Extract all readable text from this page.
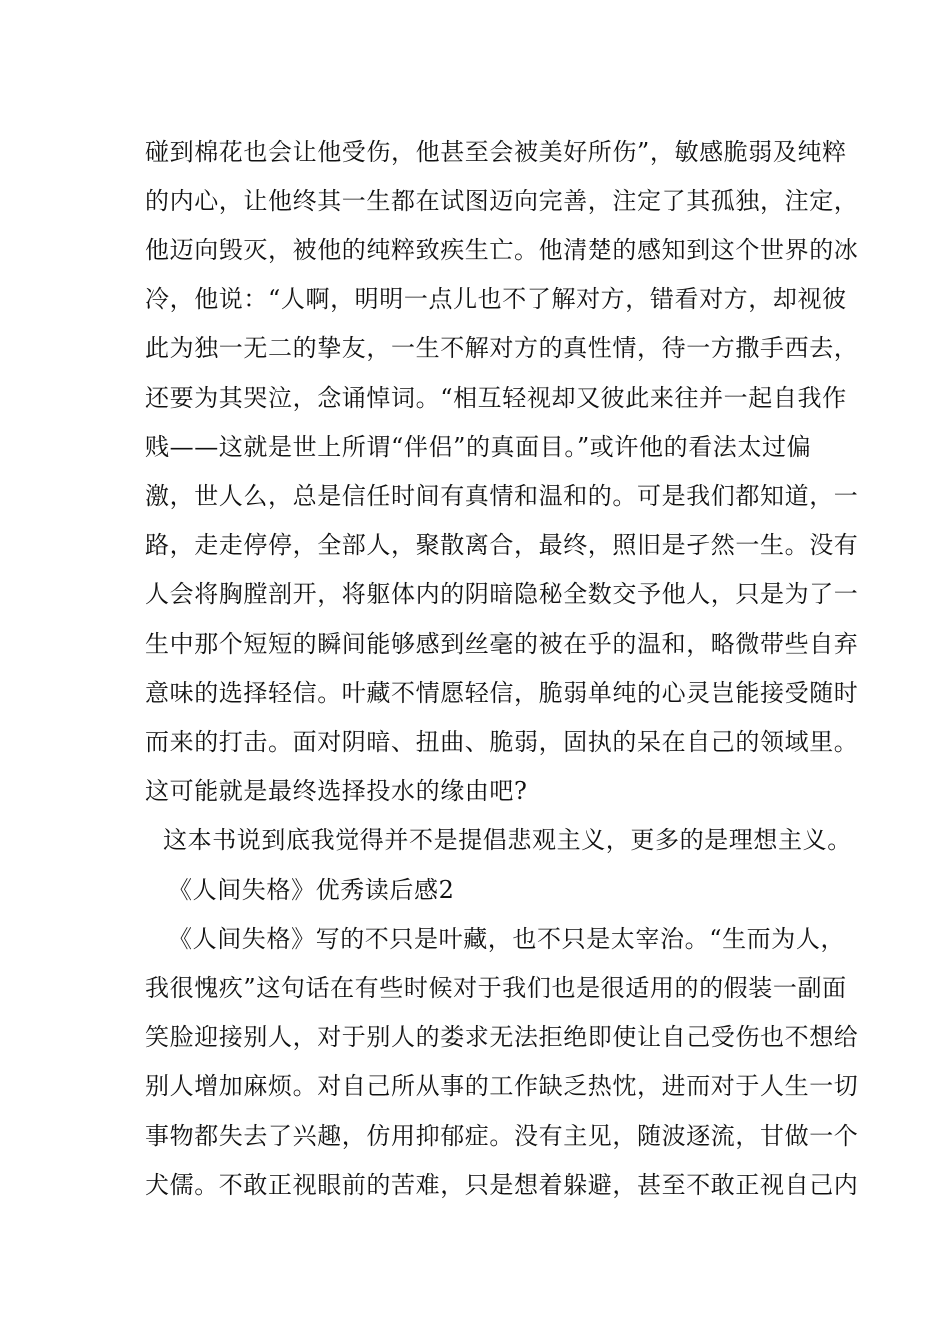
碰到棉花也会让他受伤，他甚至会被美好所伤”，敏感脆弱及纯粹
的内心，让他终其一生都在试图迈向完善，注定了其孤独，注定，
他迈向毁灭，被他的纯粹致疾生亡。他清楚的感知到这个世界的冰
冷，他说：“人啊，明明一点儿也不了解对方，错看对方，却视彼
此为独一无二的挚友，一生不解对方的真性情，待一方撒手西去，
还要为其哭泣，念诵悼词。“相互轻视却又彼此来往并一起自我作
贱——这就是世上所谓“伴侣”的真面目。”或许他的看法太过偏
激，世人么，总是信任时间有真情和温和的。可是我们都知道，一
路，走走停停，全部人，聚散离合，最终，照旧是孑然一生。没有
人会将胸膛剖开，将躯体内的阴暗隐秘全数交予他人，只是为了一
生中那个短短的瞬间能够感到丝毫的被在乎的温和，略微带些自弃
意味的选择轻信。叶藏不情愿轻信，脆弱单纯的心灵岂能接受随时
而来的打击。面对阴暗、扭曲、脆弱，固执的呆在自己的领域里。
这可能就是最终选择投水的缘由吧?
这本书说到底我觉得并不是提倡悲观主义，更多的是理想主义。
《人间失格》优秀读后感2
《人间失格》写的不只是叶藏，也不只是太宰治。“生而为人，
我很愧疚”这句话在有些时候对于我们也是很适用的的假装一副面
笑脸迎接别人，对于别人的娄求无法拒绝即使让自己受伤也不想给
别人增加麻烦。对自己所从事的工作缺乏热忱，进而对于人生一切
事物都失去了兴趣，仿用抑郁症。没有主见，随波逐流，甘做一个
犬儒。不敢正视眼前的苦难，只是想着躲避，甚至不敢正视自己内
